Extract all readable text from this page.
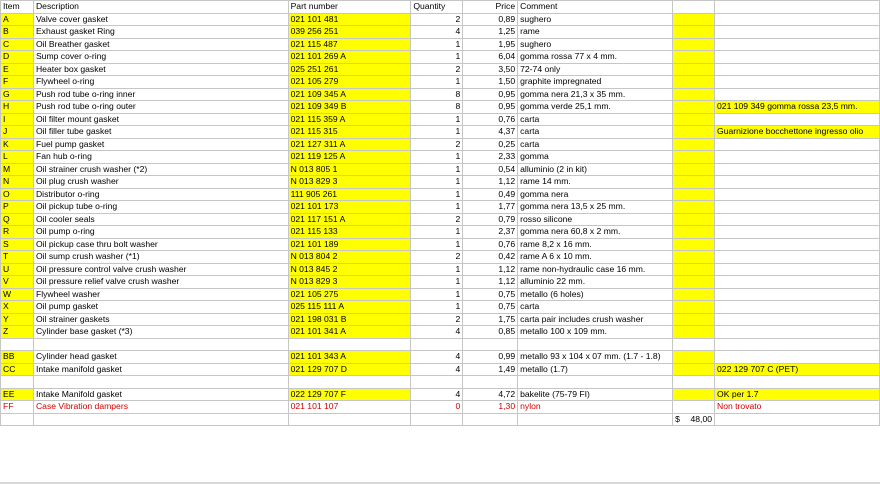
Item	Description	Part number	Quantity	Price	Comment		
A	Valve cover gasket	021 101 481	2	0,89	sughero		
B	Exhaust gasket Ring	039 256 251	4	1,25	rame		
C	Oil Breather gasket	021 115 487	1	1,95	sughero		
D	Sump cover o-ring	021 101 269 A	1	6,04	gomma rossa 77 x 4 mm.		
E	Heater box gasket	025 251 261	2	3,50	72-74 only		
F	Flywheel o-ring	021 105 279	1	1,50	graphite impregnated		
G	Push rod tube o-ring inner	021 109 345 A	8	0,95	gomma nera 21,3 x 35 mm.		
H	Push rod tube o-ring outer	021 109 349 B	8	0,95	gomma verde 25,1 mm.		021 109 349 gomma rossa 23,5 mm.
I	Oil filter mount gasket	021 115 359 A	1	0,76	carta		
J	Oil filler tube gasket	021 115 315	1	4,37	carta		Guarnizione bocchettone ingresso olio
K	Fuel pump gasket	021 127 311 A	2	0,25	carta		
L	Fan hub o-ring	021 119 125 A	1	2,33	gomma		
M	Oil strainer crush washer (*2)	N 013 805 1	1	0,54	alluminio (2 in kit)		
N	Oil plug crush washer	N 013 829 3	1	1,12	rame 14 mm.		
O	Distributor o-ring	111 905 261	1	0,49	gomma nera		
P	Oil pickup tube o-ring	021 101 173	1	1,77	gomma nera 13,5 x 25 mm.		
Q	Oil cooler seals	021 117 151 A	2	0,79	rosso silicone		
R	Oil pump o-ring	021 115 133	1	2,37	gomma nera 60,8 x 2 mm.		
S	Oil pickup case thru bolt washer	021 101 189	1	0,76	rame 8,2 x 16 mm.		
T	Oil sump crush washer (*1)	N 013 804 2	2	0,42	rame A 6 x 10 mm.		
U	Oil pressure control valve crush washer	N 013 845 2	1	1,12	rame non-hydraulic case 16 mm.		
V	Oil pressure relief valve crush washer	N 013 829 3	1	1,12	alluminio 22 mm.		
W	Flywheel washer	021 105 275	1	0,75	metallo (6 holes)		
X	Oil pump gasket	025 115 111 A	1	0,75	carta		
Y	Oil strainer gaskets	021 198 031 B	2	1,75	carta pair includes crush washer		
Z	Cylinder base gasket (*3)	021 101 341 A	4	0,85	metallo 100 x 109 mm.		

BB	Cylinder head gasket	021 101 343 A	4	0,99	metallo 93 x 104 x 07 mm. (1.7 - 1.8)		
CC	Intake manifold gasket	021 129 707 D	4	1,49	metallo (1.7)		022 129 707 C (PET)

EE	Intake Manifold gasket	022 129 707 F	4	4,72	bakelite (75-79 FI)		OK per 1.7
FF	Case Vibration dampers	021 101 107	0	1,30	nylon		Non trovato
						$ 48,00	
